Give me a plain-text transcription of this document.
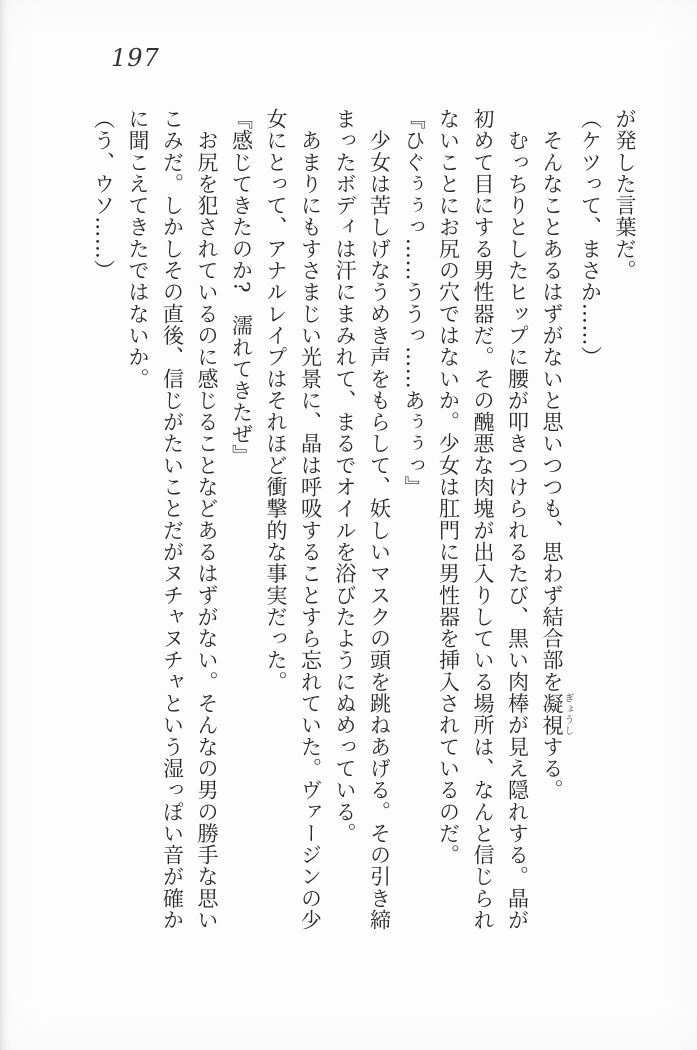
197

が発した言葉だ。

（ケツって、まさか……）

　そんなことあるはずがないと思いつつも、思わず結合部を凝視ぎょうしする。

　むっちりとしたヒップに腰が叩きつけられるたび、黒い肉棒が見え隠れする。晶が初めて目にする男性器だ。その醜悪な肉塊が出入りしている場所は、なんと信じられないことにお尻の穴ではないか。少女は肛門に男性器を挿入されているのだ。

『ひぐぅぅっ……ううっ……あぅぅっ』

　少女は苦しげなうめき声をもらして、妖しいマスクの頭を跳ねあげる。その引き締まったボディは汗にまみれて、まるでオイルを浴びたようにぬめっている。

　あまりにもすさまじい光景に、晶は呼吸することすら忘れていた。ヴァージンの少女にとって、アナルレイプはそれほど衝撃的な事実だった。

『感じてきたのか?　濡れてきたぜ』

　お尻を犯されているのに感じることなどあるはずがない。そんなの男の勝手な思いこみだ。しかしその直後、信じがたいことだがヌチャヌチャという湿っぽい音が確かに聞こえてきたではないか。

（う、ウソ……）
